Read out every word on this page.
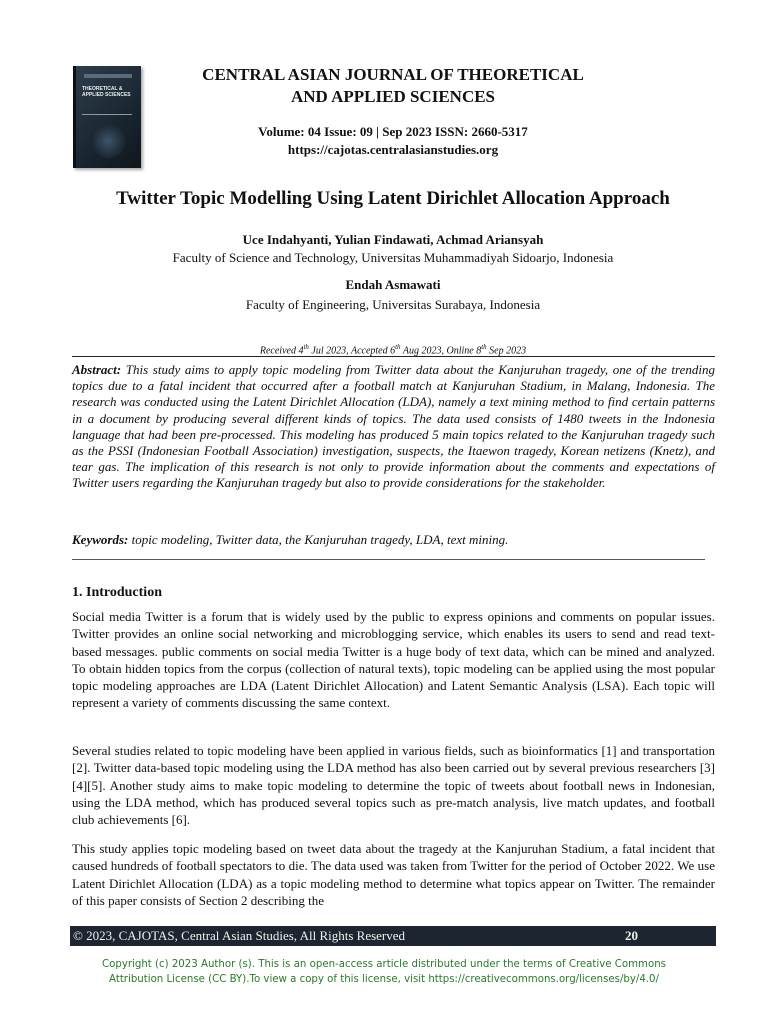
THEORETICAL & APPLIED SCIENCES
CENTRAL ASIAN JOURNAL OF THEORETICAL
AND APPLIED SCIENCES
Volume: 04 Issue: 09 | Sep 2023 ISSN: 2660-5317
https://cajotas.centralasianstudies.org
Twitter Topic Modelling Using Latent Dirichlet Allocation Approach
Uce Indahyanti, Yulian Findawati, Achmad Ariansyah
Faculty of Science and Technology, Universitas Muhammadiyah Sidoarjo, Indonesia
Endah Asmawati
Faculty of Engineering, Universitas Surabaya, Indonesia
Received 4th Jul 2023, Accepted 6th Aug 2023, Online 8th Sep 2023
Abstract: This study aims to apply topic modeling from Twitter data about the Kanjuruhan tragedy, one of the trending topics due to a fatal incident that occurred after a football match at Kanjuruhan Stadium, in Malang, Indonesia. The research was conducted using the Latent Dirichlet Allocation (LDA), namely a text mining method to find certain patterns in a document by producing several different kinds of topics. The data used consists of 1480 tweets in the Indonesia language that had been pre-processed. This modeling has produced 5 main topics related to the Kanjuruhan tragedy such as the PSSI (Indonesian Football Association) investigation, suspects, the Itaewon tragedy, Korean netizens (Knetz), and tear gas. The implication of this research is not only to provide information about the comments and expectations of Twitter users regarding the Kanjuruhan tragedy but also to provide considerations for the stakeholder.
Keywords: topic modeling, Twitter data, the Kanjuruhan tragedy, LDA, text mining.
1. Introduction
Social media Twitter is a forum that is widely used by the public to express opinions and comments on popular issues. Twitter provides an online social networking and microblogging service, which enables its users to send and read text-based messages. public comments on social media Twitter is a huge body of text data, which can be mined and analyzed. To obtain hidden topics from the corpus (collection of natural texts), topic modeling can be applied using the most popular topic modeling approaches are LDA (Latent Dirichlet Allocation) and Latent Semantic Analysis (LSA). Each topic will represent a variety of comments discussing the same context.
Several studies related to topic modeling have been applied in various fields, such as bioinformatics [1] and transportation [2]. Twitter data-based topic modeling using the LDA method has also been carried out by several previous researchers [3][4][5]. Another study aims to make topic modeling to determine the topic of tweets about football news in Indonesian, using the LDA method, which has produced several topics such as pre-match analysis, live match updates, and football club achievements [6].
This study applies topic modeling based on tweet data about the tragedy at the Kanjuruhan Stadium, a fatal incident that caused hundreds of football spectators to die. The data used was taken from Twitter for the period of October 2022. We use Latent Dirichlet Allocation (LDA) as a topic modeling method to determine what topics appear on Twitter. The remainder of this paper consists of Section 2 describing the
© 2023, CAJOTAS, Central Asian Studies, All Rights Reserved	20
Copyright (c) 2023 Author (s). This is an open-access article distributed under the terms of Creative Commons
Attribution License (CC BY).To view a copy of this license, visit https://creativecommons.org/licenses/by/4.0/
